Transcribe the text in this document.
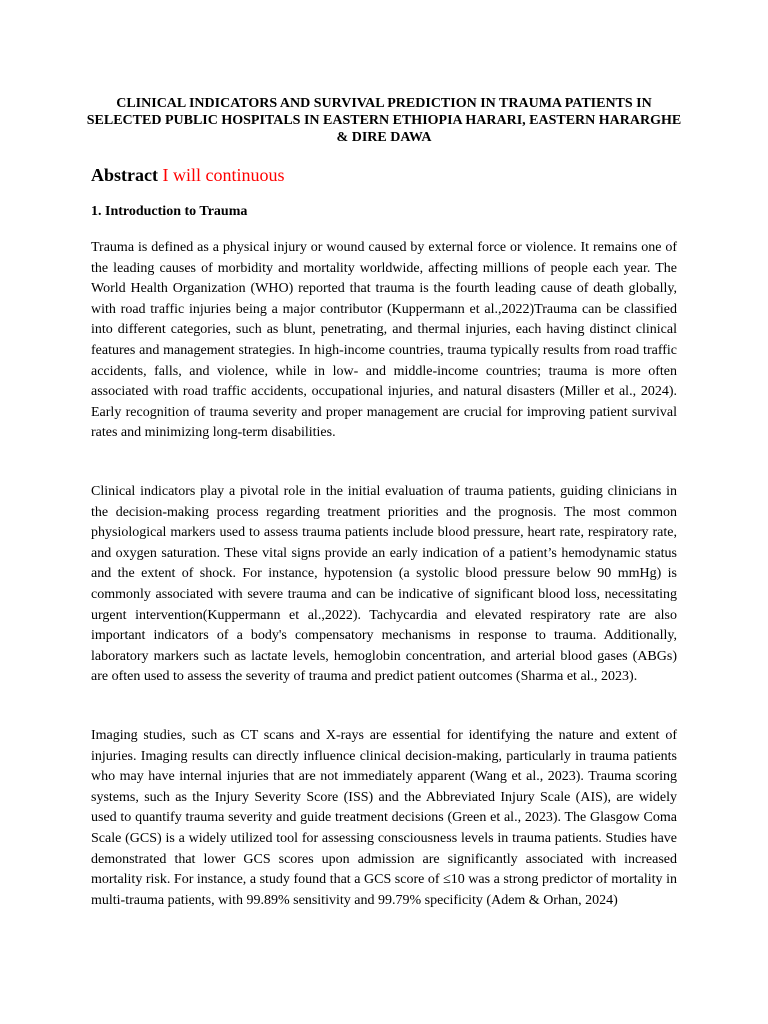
CLINICAL INDICATORS AND SURVIVAL PREDICTION IN TRAUMA PATIENTS IN SELECTED PUBLIC HOSPITALS IN EASTERN ETHIOPIA HARARI, EASTERN HARARGHE & DIRE DAWA
Abstract I will continuous
1. Introduction to Trauma

Trauma is defined as a physical injury or wound caused by external force or violence. It remains one of the leading causes of morbidity and mortality worldwide, affecting millions of people each year. The World Health Organization (WHO) reported that trauma is the fourth leading cause of death globally, with road traffic injuries being a major contributor (Kuppermann et al.,2022)Trauma can be classified into different categories, such as blunt, penetrating, and thermal injuries, each having distinct clinical features and management strategies. In high-income countries, trauma typically results from road traffic accidents, falls, and violence, while in low- and middle-income countries; trauma is more often associated with road traffic accidents, occupational injuries, and natural disasters (Miller et al., 2024). Early recognition of trauma severity and proper management are crucial for improving patient survival rates and minimizing long-term disabilities.

Clinical indicators play a pivotal role in the initial evaluation of trauma patients, guiding clinicians in the decision-making process regarding treatment priorities and the prognosis. The most common physiological markers used to assess trauma patients include blood pressure, heart rate, respiratory rate, and oxygen saturation. These vital signs provide an early indication of a patient’s hemodynamic status and the extent of shock. For instance, hypotension (a systolic blood pressure below 90 mmHg) is commonly associated with severe trauma and can be indicative of significant blood loss, necessitating urgent intervention(Kuppermann et al.,2022). Tachycardia and elevated respiratory rate are also important indicators of a body's compensatory mechanisms in response to trauma. Additionally, laboratory markers such as lactate levels, hemoglobin concentration, and arterial blood gases (ABGs) are often used to assess the severity of trauma and predict patient outcomes (Sharma et al., 2023).

Imaging studies, such as CT scans and X-rays are essential for identifying the nature and extent of injuries. Imaging results can directly influence clinical decision-making, particularly in trauma patients who may have internal injuries that are not immediately apparent (Wang et al., 2023). Trauma scoring systems, such as the Injury Severity Score (ISS) and the Abbreviated Injury Scale (AIS), are widely used to quantify trauma severity and guide treatment decisions (Green et al., 2023). The Glasgow Coma Scale (GCS) is a widely utilized tool for assessing consciousness levels in trauma patients. Studies have demonstrated that lower GCS scores upon admission are significantly associated with increased mortality risk. For instance, a study found that a GCS score of ≤10 was a strong predictor of mortality in multi-trauma patients, with 99.89% sensitivity and 99.79% specificity (Adem & Orhan, 2024)
